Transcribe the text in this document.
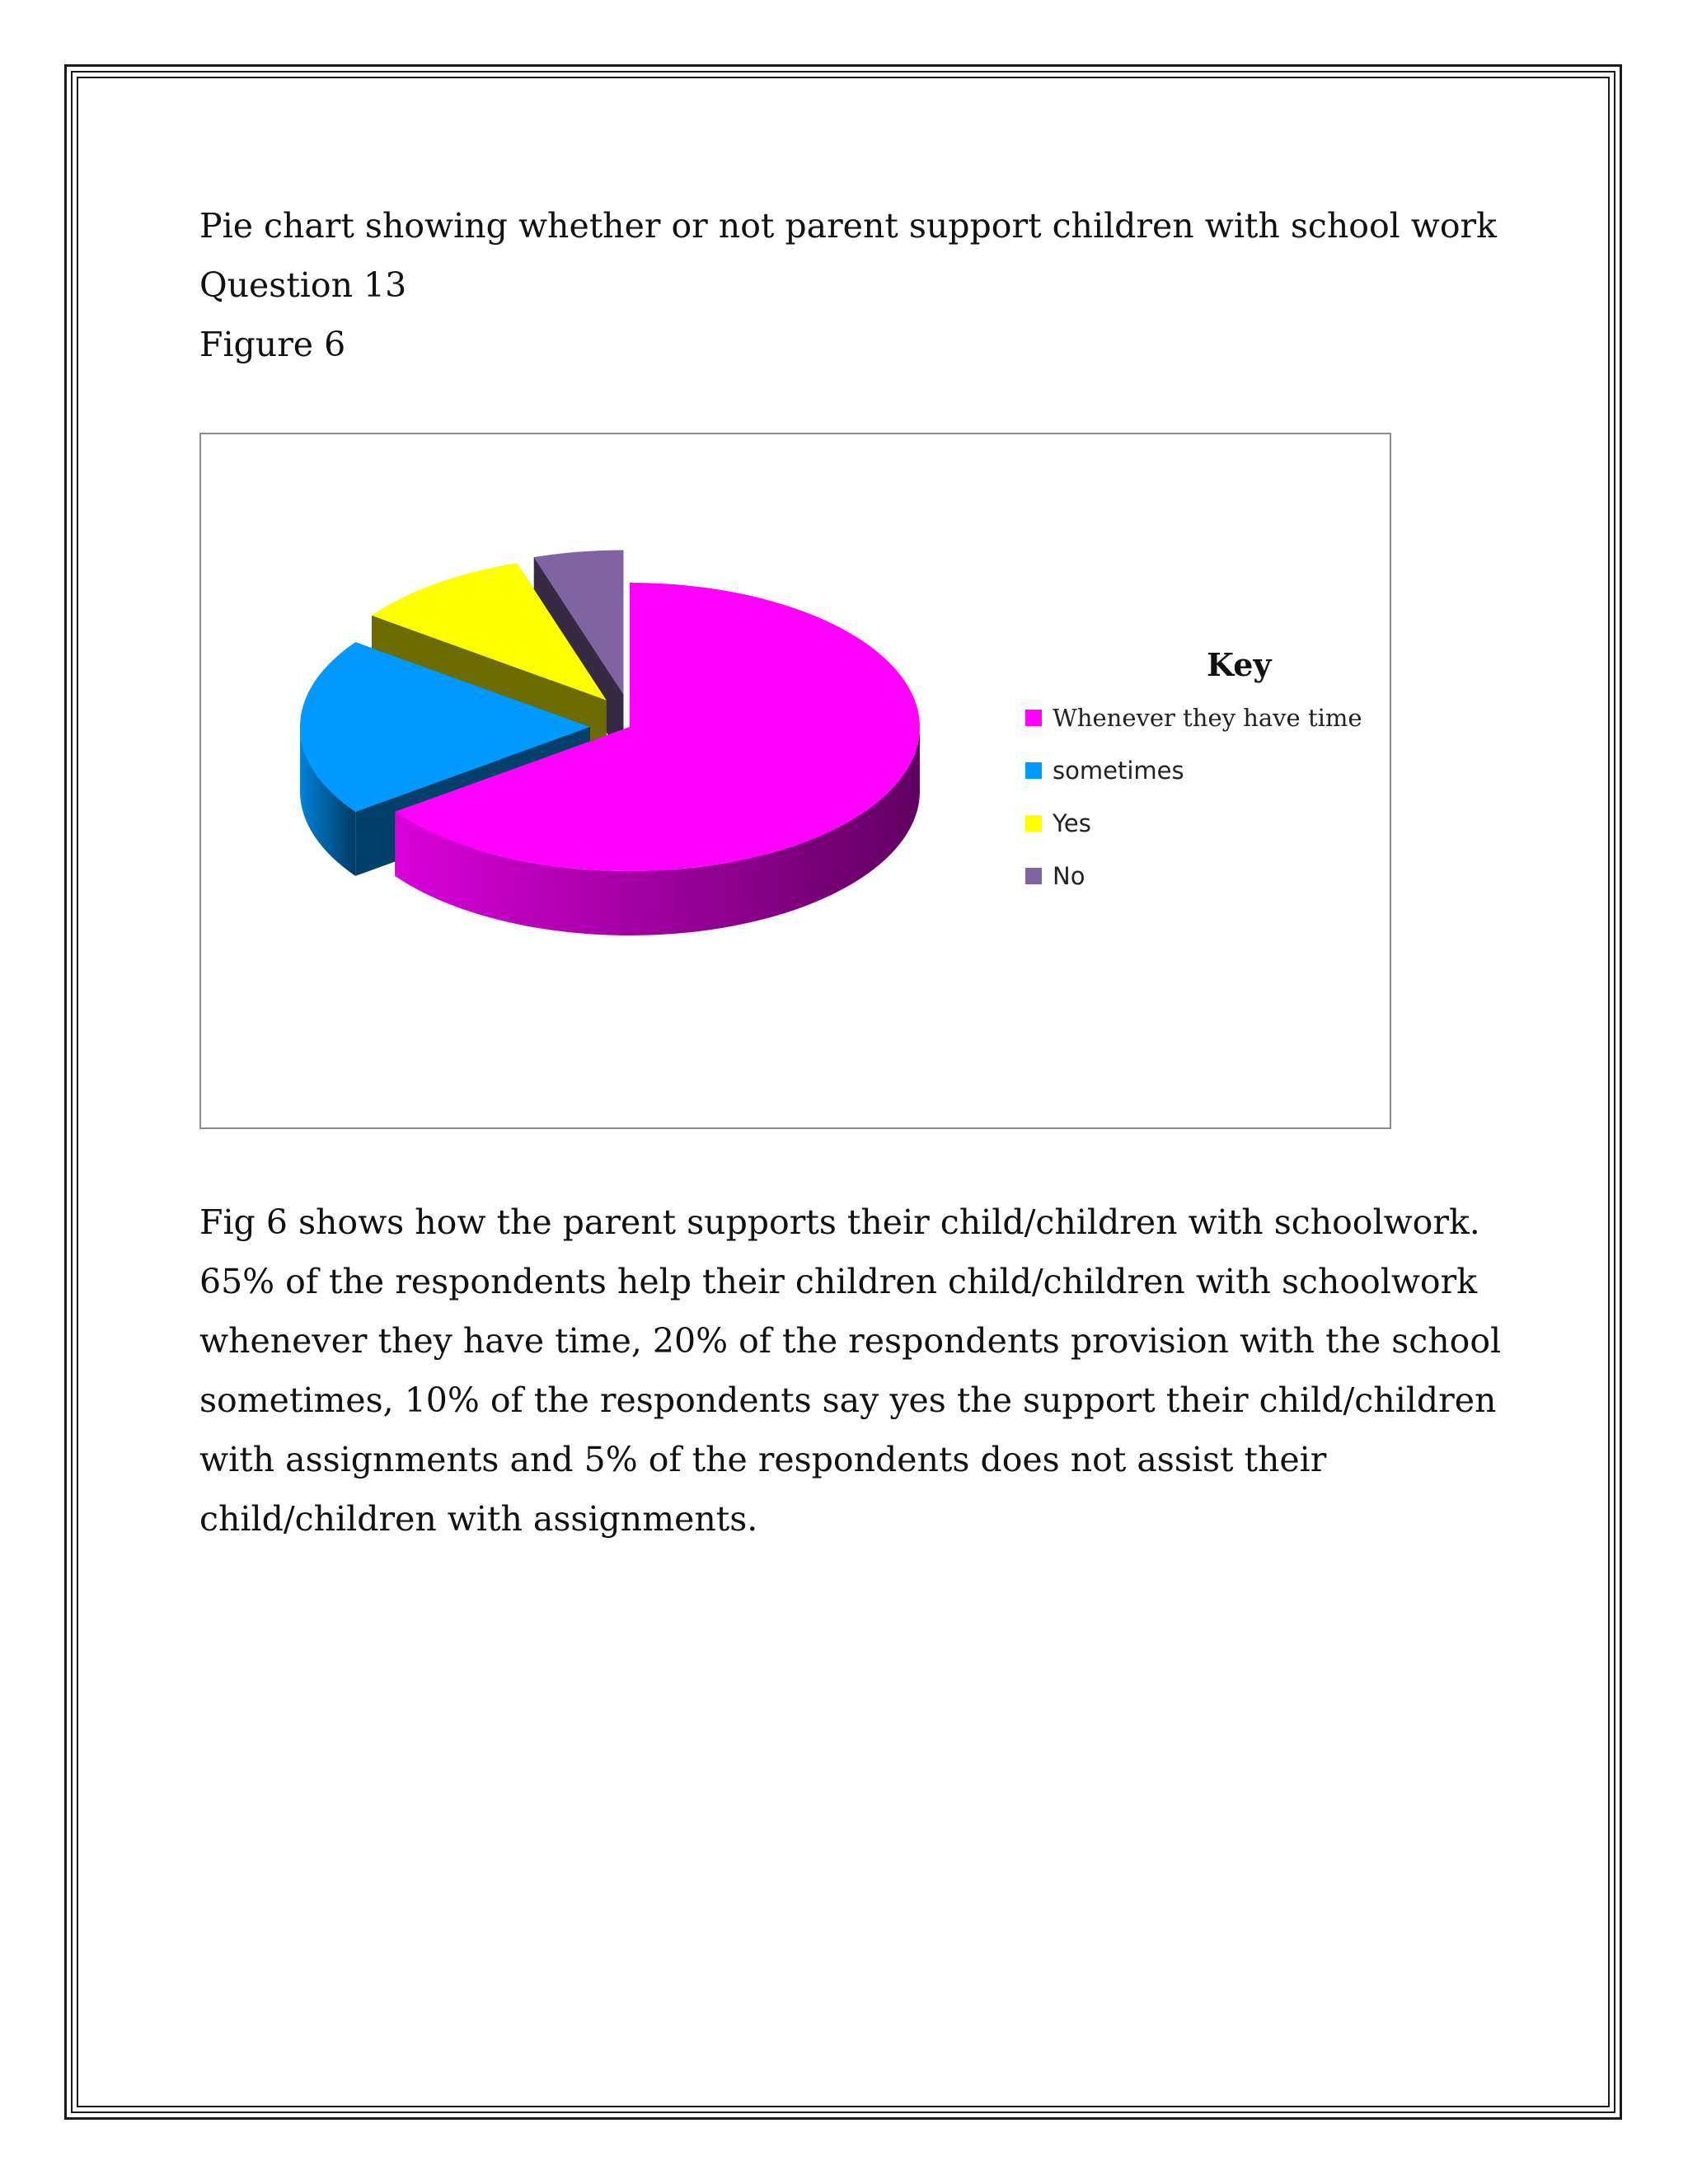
Pie chart showing whether or not parent support children with school work
Question 13
Figure 6
Key
Whenever they have time
sometimes
Yes
No
Fig 6 shows how the parent supports their child/children with schoolwork.
65% of the respondents help their children child/children with schoolwork
whenever they have time, 20% of the respondents provision with the school
sometimes, 10% of the respondents say yes the support their child/children
with assignments and 5% of the respondents does not assist their
child/children with assignments.
